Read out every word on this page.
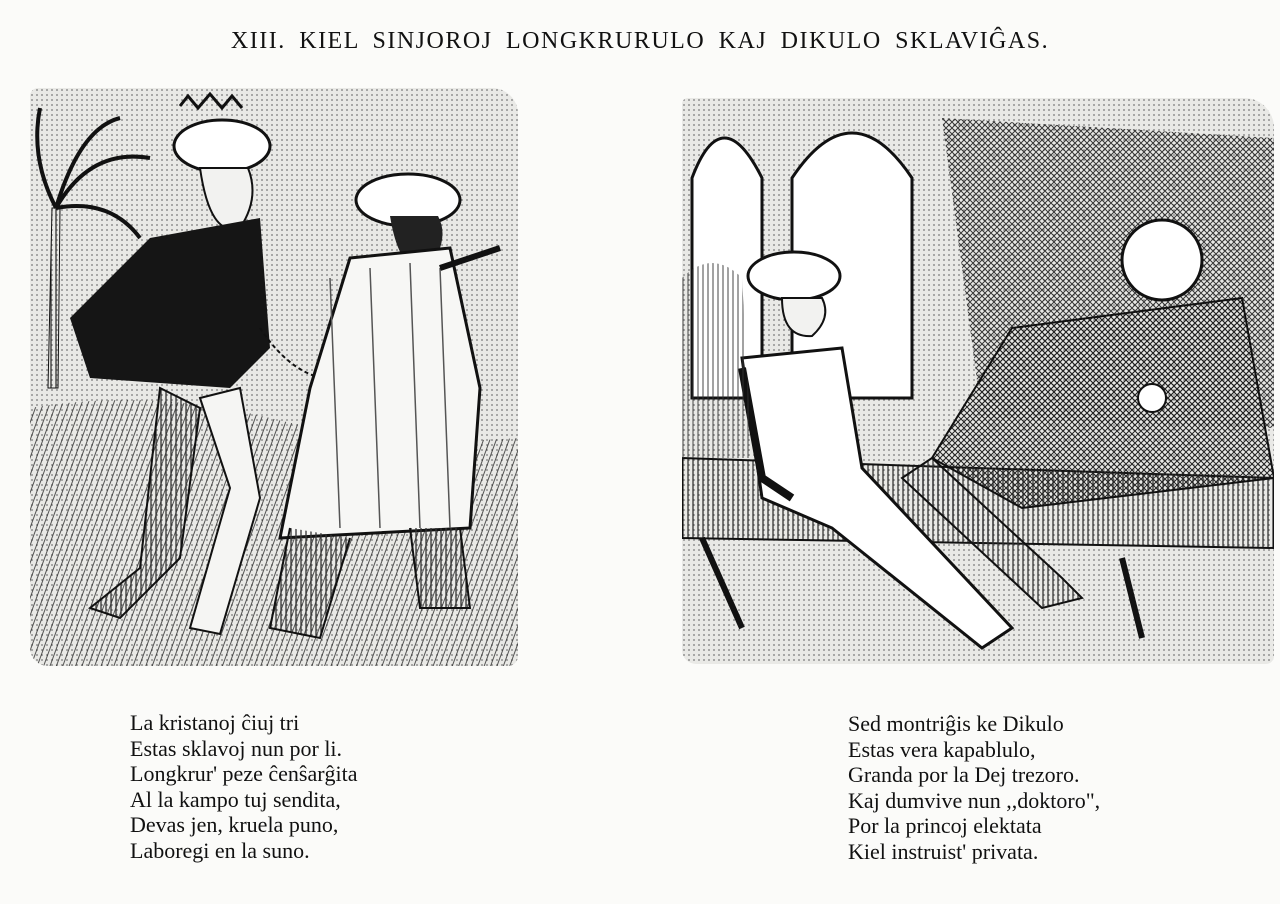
XIII. KIEL SINJOROJ LONGKRURULO KAJ DIKULO SKLAVIĜAS.
La kristanoj ĉiuj tri
Estas sklavoj nun por li.
Longkrur' peze ĉenŝarĝita
Al la kampo tuj sendita,
Devas jen, kruela puno,
Laboregi en la suno.
Sed montriĝis ke Dikulo
Estas vera kapablulo,
Granda por la Dej trezoro.
Kaj dumvive nun ,,doktoro",
Por la princoj elektata
Kiel instruist' privata.
